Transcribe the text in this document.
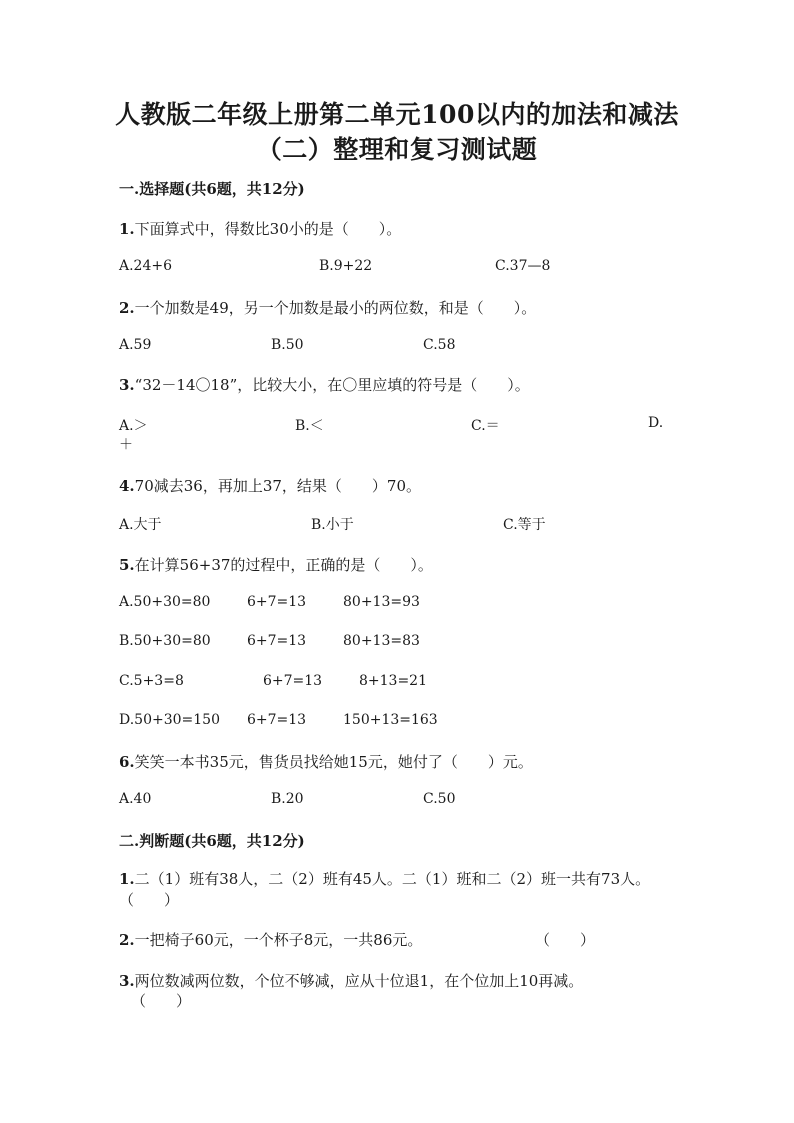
人教版二年级上册第二单元100以内的加法和减法
（二）整理和复习测试题
一.选择题(共6题，共12分)
1.下面算式中，得数比30小的是（　　）。
A.24+6	B.9+22	C.37—8
2.一个加数是49，另一个加数是最小的两位数，和是（　　）。
A.59	B.50	C.58
3.“32－14〇18”，比较大小，在〇里应填的符号是（　　）。
A.＞	B.＜	C.＝	D.
＋
4.70减去36，再加上37，结果（　　）70。
A.大于	B.小于	C.等于
5.在计算56+37的过程中，正确的是（　　）。
A.50+30=80	6+7=13	80+13=93
B.50+30=80	6+7=13	80+13=83
C.5+3=8	6+7=13	8+13=21
D.50+30=150 6+7=13	150+13=163
6.笑笑一本书35元，售货员找给她15元，她付了（　　）元。
A.40	B.20	C.50
二.判断题(共6题，共12分)
1.二（1）班有38人，二（2）班有45人。二（1）班和二（2）班一共有73人。（　　）
2.一把椅子60元，一个杯子8元，一共86元。	（　　）
3.两位数减两位数，个位不够减，应从十位退1，在个位加上10再减。
（　　）
